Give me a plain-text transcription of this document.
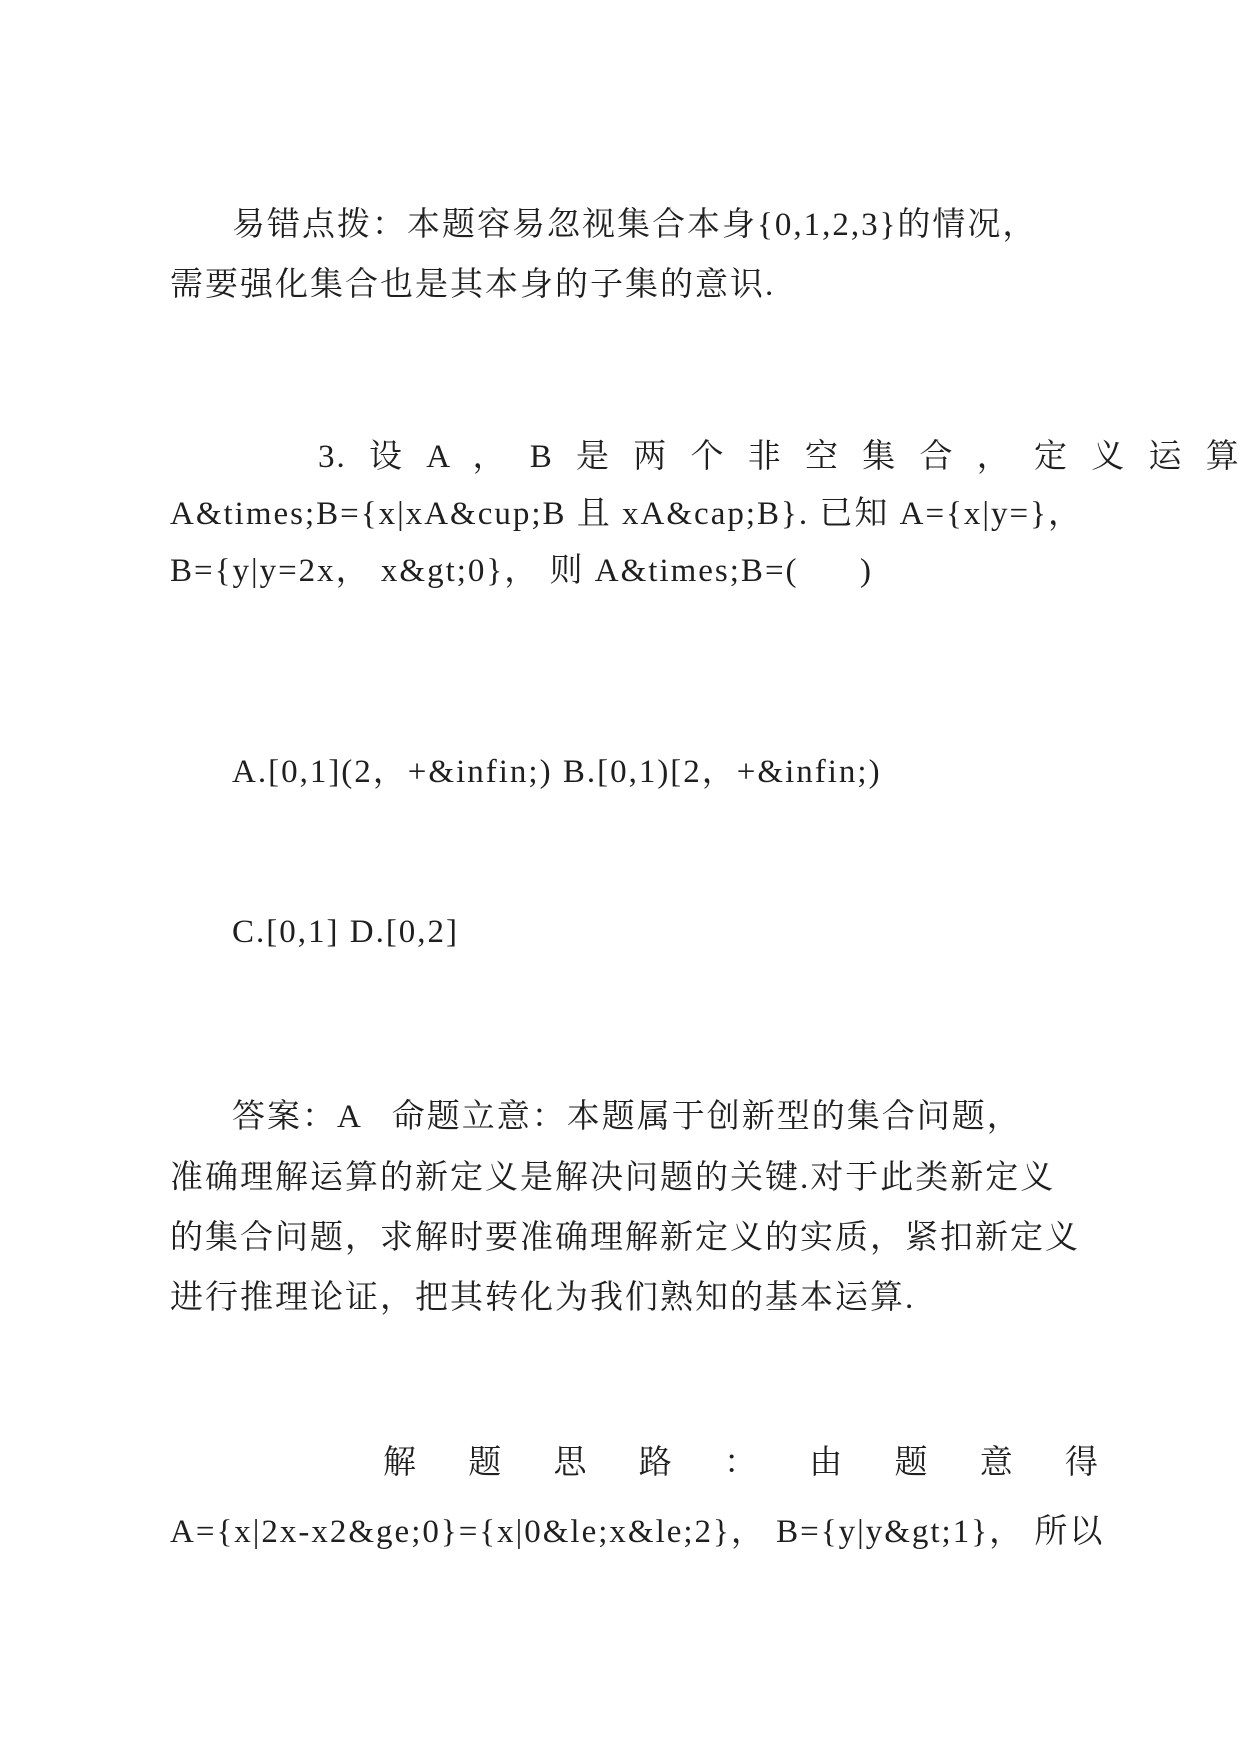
易错点拨：本题容易忽视集合本身{0,1,2,3}的情况，
需要强化集合也是其本身的子集的意识.
3. 设 A ， B 是 两 个 非 空 集 合 ， 定 义 运 算
A&times;B={x|xA&cup;B 且 xA&cap;B}. 已知 A={x|y=}，
B={y|y=2x， x&gt;0}， 则 A&times;B=(      )
A.[0,1](2，+&infin;) B.[0,1)[2，+&infin;)
C.[0,1] D.[0,2]
答案：A   命题立意：本题属于创新型的集合问题，
准确理解运算的新定义是解决问题的关键.对于此类新定义
的集合问题，求解时要准确理解新定义的实质，紧扣新定义
进行推理论证，把其转化为我们熟知的基本运算.
解 题 思 路 ： 由 题 意 得
A={x|2x-x2&ge;0}={x|0&le;x&le;2}， B={y|y&gt;1}， 所以
